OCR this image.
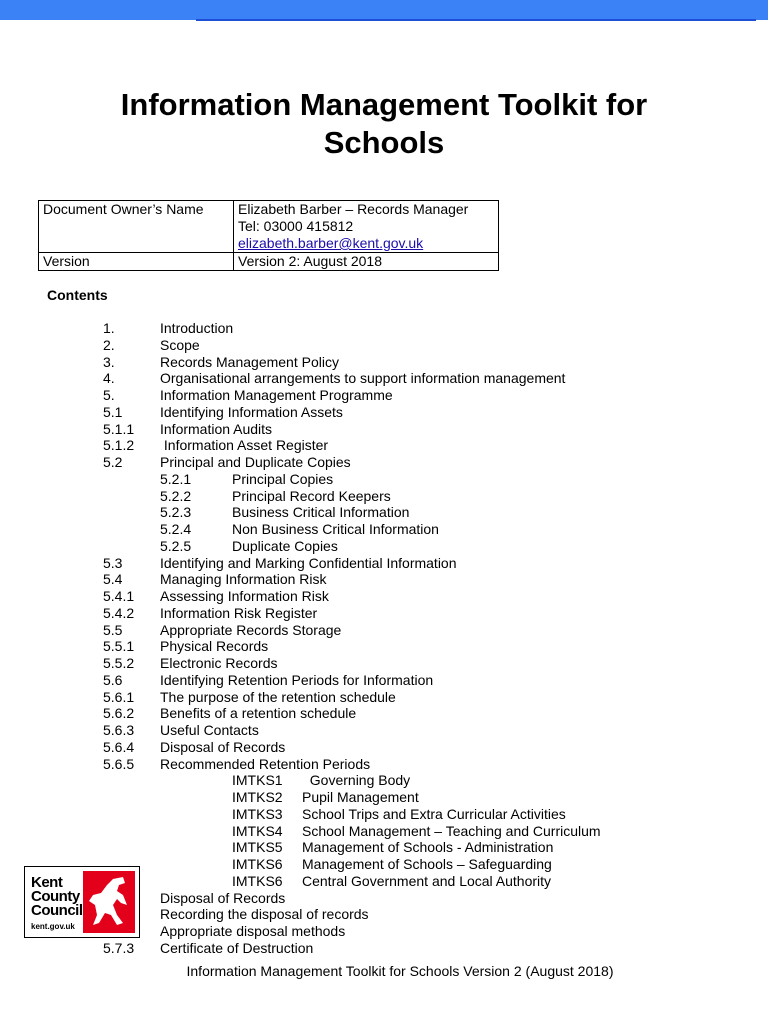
Information Management Toolkit for Schools
Document Owner’s Name	Elizabeth Barber – Records Manager
Tel: 03000 415812
elizabeth.barber@kent.gov.uk

Version	Version 2: August 2018
Contents
1.	Introduction
2.	Scope
3.	Records Management Policy
4.	Organisational arrangements to support information management
5.	Information Management Programme
5.1	Identifying Information Assets
5.1.1 Information Audits
5.1.2 Information Asset Register
5.2	Principal and Duplicate Copies
5.2.1	Principal Copies
5.2.2	Principal Record Keepers
5.2.3	Business Critical Information
5.2.4	Non Business Critical Information
5.2.5	Duplicate Copies
5.3	Identifying and Marking Confidential Information
5.4	Managing Information Risk
5.4.1 Assessing Information Risk
5.4.2 Information Risk Register
5.5	Appropriate Records Storage
5.5.1 Physical Records
5.5.2 Electronic Records
5.6	Identifying Retention Periods for Information
5.6.1 The purpose of the retention schedule
5.6.2 Benefits of a retention schedule
5.6.3 Useful Contacts
5.6.4 Disposal of Records
5.6.5 Recommended Retention Periods
IMTKS1 Governing Body
IMTKS2 Pupil Management
IMTKS3 School Trips and Extra Curricular Activities
IMTKS4 School Management – Teaching and Curriculum
IMTKS5 Management of Schools - Administration
IMTKS6 Management of Schools – Safeguarding
IMTKS6 Central Government and Local Authority
Disposal of Records
Recording the disposal of records
Appropriate disposal methods
5.7.3 Certificate of Destruction
Kent
County
Council
kent.gov.uk
Information Management Toolkit for Schools Version 2 (August 2018)
